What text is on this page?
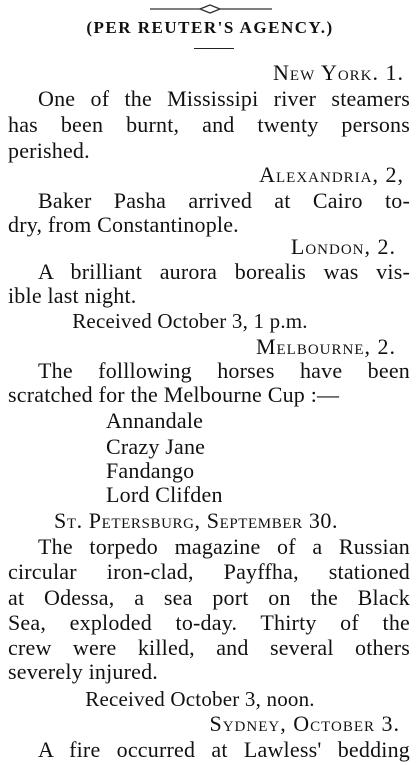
(PER REUTER'S AGENCY.)
New York. 1.
One of the Mississipi river steamers
has been burnt, and twenty persons
perished.
Alexandria, 2,
Baker Pasha arrived at Cairo to-
dry, from Constantinople.
London, 2.
A brilliant aurora borealis was vis-
ible last night.
Received October 3, 1 p.m.
Melbourne, 2.
The folllowing horses have been
scratched for the Melbourne Cup :—
Annandale
Crazy Jane
Fandango
Lord Clifden
St. Petersburg, September 30.
The torpedo magazine of a Russian
circular iron-clad, Payffha, stationed
at Odessa, a sea port on the Black
Sea, exploded to-day. Thirty of the
crew were killed, and several others
severely injured.
Received October 3, noon.
Sydney, October 3.
A fire occurred at Lawless' bedding
